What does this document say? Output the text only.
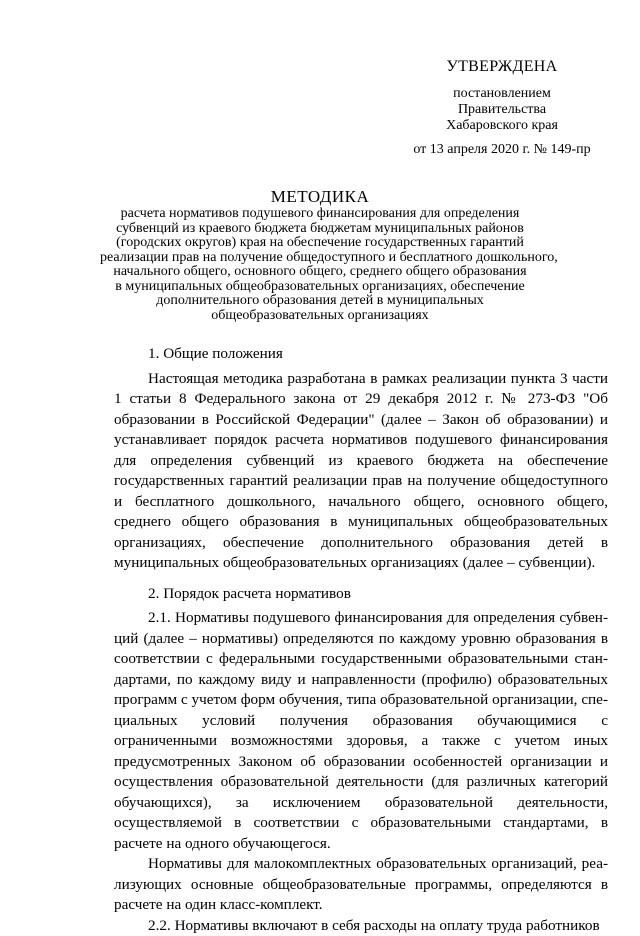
УТВЕРЖДЕНА
постановлением
Правительства
Хабаровского края
от 13 апреля 2020 г. № 149-пр
МЕТОДИКА
расчета нормативов подушевого финансирования для определения
субвенций из краевого бюджета бюджетам муниципальных районов
(городских округов) края на обеспечение государственных гарантий
реализации прав на получение общедоступного и бесплатного дошкольного,
начального общего, основного общего, среднего общего образования
в муниципальных общеобразовательных организациях, обеспечение
дополнительного образования детей в муниципальных
общеобразовательных организациях

1. Общие положения

Настоящая методика разработана в рамках реализации пункта 3 части 1 статьи 8 Федерального закона от 29 декабря 2012 г. № 273-ФЗ "Об образовании в Российской Федерации" (далее – Закон об образовании) и устанавливает порядок расчета нормативов подушевого финансирования для определения субвенций из краевого бюджета на обеспечение государственных гарантий реализации прав на получение общедоступного и бесплатного дошкольного, начального общего, основного общего, среднего общего образования в муниципальных общеобразовательных организациях, обеспечение дополнительного образования детей в муниципальных общеобразовательных организациях (далее – субвенции).

2. Порядок расчета нормативов

2.1. Нормативы подушевого финансирования для определения субвенций (далее – нормативы) определяются по каждому уровню образования в соответствии с федеральными государственными образовательными стандартами, по каждому виду и направленности (профилю) образовательных программ с учетом форм обучения, типа образовательной организации, специальных условий получения образования обучающимися с ограниченными возможностями здоровья, а также с учетом иных предусмотренных Законом об образовании особенностей организации и осуществления образовательной деятельности (для различных категорий обучающихся), за исключением образовательной деятельности, осуществляемой в соответствии с образовательными стандартами, в расчете на одного обучающегося.

Нормативы для малокомплектных образовательных организаций, реализующих основные общеобразовательные программы, определяются в расчете на один класс-комплект.

2.2. Нормативы включают в себя расходы на оплату труда работников
